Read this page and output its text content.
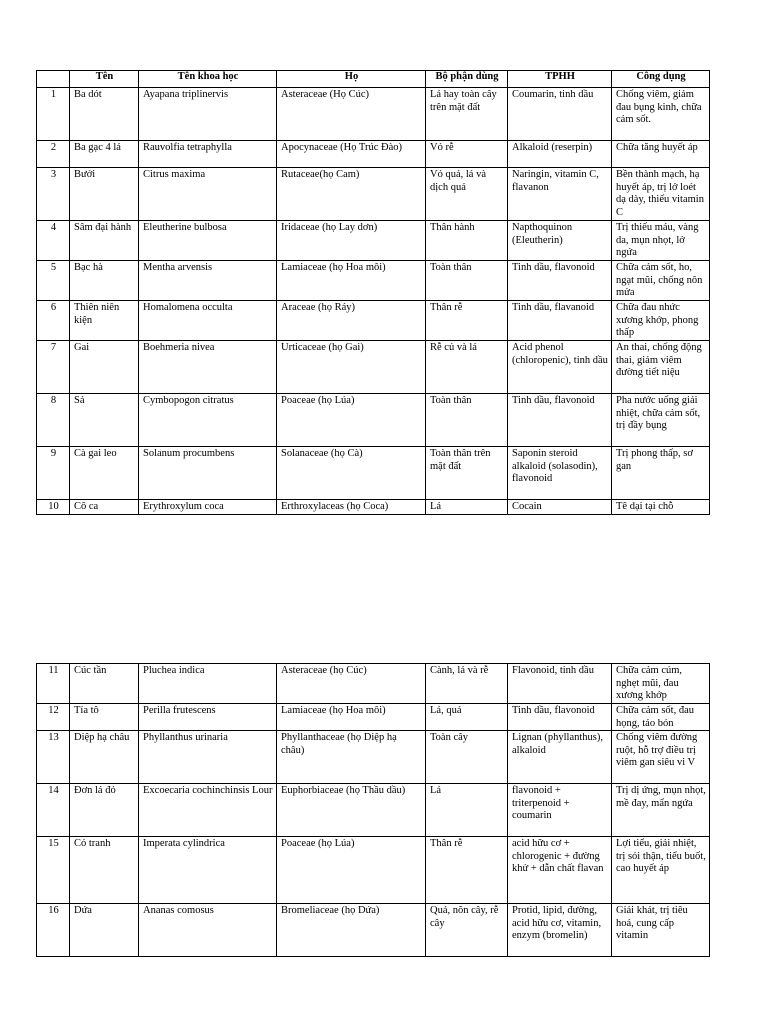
	Tên	Tên khoa học	Họ	Bộ phận dùng	TPHH	Công dụng
1	Ba dót	Ayapana triplinervis	Asteraceae (Họ Cúc)	Lá hay toàn cây trên mặt đất	Coumarin, tinh dầu	Chống viêm, giảm đau bụng kinh, chữa cảm sốt.
2	Ba gạc 4 lá	Rauvolfia tetraphylla	Apocynaceae (Họ Trúc Đào)	Vỏ rễ	Alkaloid (reserpin)	Chữa tăng huyết áp
3	Bưởi	Citrus maxima	Rutaceae(họ Cam)	Vỏ quả, lá và dịch quả	Naringin, vitamin C, flavanon	Bền thành mạch, hạ huyết áp, trị lở loét dạ dày, thiếu vitamin C
4	Sâm đại hành	Eleutherine bulbosa	Iridaceae (họ Lay dơn)	Thân hành	Napthoquinon (Eleutherin)	Trị thiếu máu, vàng da, mụn nhọt, lở ngứa
5	Bạc hà	Mentha arvensis	Lamiaceae (họ Hoa môi)	Toàn thân	Tinh dầu, flavonoid	Chữa cảm sốt, ho, ngạt mũi, chống nôn mửa
6	Thiên niên kiện	Homalomena occulta	Araceae (họ Ráy)	Thân rễ	Tinh dầu, flavanoid	Chữa đau nhức xương khớp, phong thấp
7	Gai	Boehmeria nivea	Urticaceae (họ Gai)	Rễ củ và lá	Acid phenol (chloropenic), tinh dầu	An thai, chống động thai, giảm viêm đường tiết niệu
8	Sả	Cymbopogon citratus	Poaceae (họ Lúa)	Toàn thân	Tinh dầu, flavonoid	Pha nước uống giải nhiệt, chữa cảm sốt, trị đầy bụng
9	Cà gai leo	Solanum procumbens	Solanaceae (họ Cà)	Toàn thân trên mặt đất	Saponin steroid alkaloid (solasodin), flavonoid	Trị phong thấp, sơ gan
10	Cô ca	Erythroxylum coca	Erthroxylaceas (họ Coca)	Lá	Cocain	Tê dại tại chỗ
11	Cúc tần	Pluchea indica	Asteraceae (họ Cúc)	Cành, lá và rễ	Flavonoid, tinh dầu	Chữa cảm cúm, nghẹt mũi, đau xương khớp
12	Tía tô	Perilla frutescens	Lamiaceae (họ Hoa môi)	Lá, quả	Tinh dầu, flavonoid	Chữa cảm sốt, đau họng, táo bón
13	Diệp hạ châu	Phyllanthus urinaria	Phyllanthaceae (họ Diệp hạ châu)	Toàn cây	Lignan (phyllanthus), alkaloid	Chống viêm đường ruột, hỗ trợ điều trị viêm gan siêu vi V
14	Đơn lá đỏ	Excoecaria cochinchinsis Lour	Euphorbiaceae (họ Thầu dầu)	Lá	flavonoid + triterpenoid + coumarin	Trị dị ứng, mụn nhọt, mề đay, mẩn ngứa
15	Cỏ tranh	Imperata cylindrica	Poaceae (họ Lúa)	Thân rễ	acid hữu cơ + chlorogenic + đường khử + dẫn chất flavan	Lợi tiểu, giải nhiệt, trị sỏi thận, tiểu buốt, cao huyết áp
16	Dứa	Ananas comosus	Bromeliaceae (họ Dứa)	Quả, nõn cây, rễ cây	Protid, lipid, đường, acid hữu cơ, vitamin, enzym (bromelin)	Giải khát, trị tiêu hoá, cung cấp vitamin
